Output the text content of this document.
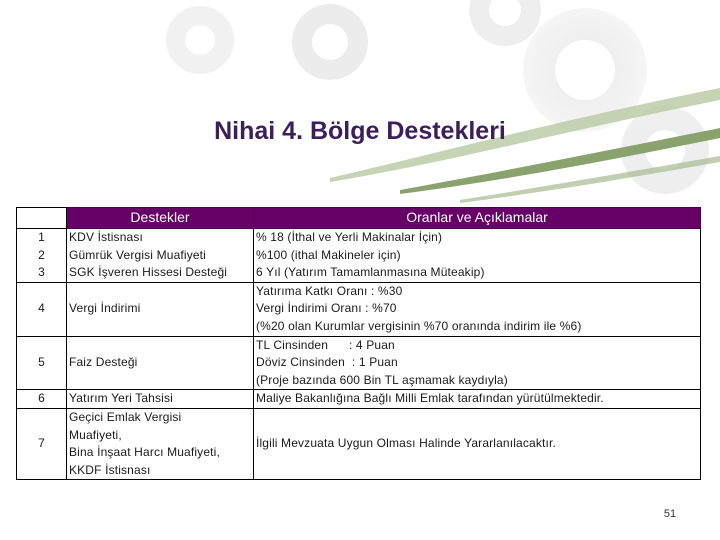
Nihai 4. Bölge Destekleri
	Destekler	Oranlar ve Açıklamalar
1	KDV İstisnası	% 18 (İthal ve Yerli Makinalar İçin)

2	Gümrük Vergisi Muafiyeti	%100 (ithal Makineler için)

3	SGK İşveren Hissesi Desteği	6 Yıl (Yatırım Tamamlanmasına Müteakip)

4	Vergi İndirimi	Yatırıma Katkı Oranı : %30
Vergi İndirimi Oranı : %70
(%20 olan Kurumlar vergisinin %70 oranında indirim ile %6)

5	Faiz Desteği	TL Cinsinden      : 4 Puan
Döviz Cinsinden  : 1 Puan
(Proje bazında 600 Bin TL aşmamak kaydıyla)

6	Yatırım Yeri Tahsisi	Maliye Bakanlığına Bağlı Milli Emlak tarafından yürütülmektedir.

7	Geçici Emlak Vergisi
Muafiyeti,
Bina İnşaat Harcı Muafiyeti,
KKDF İstisnası	İlgili Mevzuata Uygun Olması Halinde Yararlanılacaktır.
51
